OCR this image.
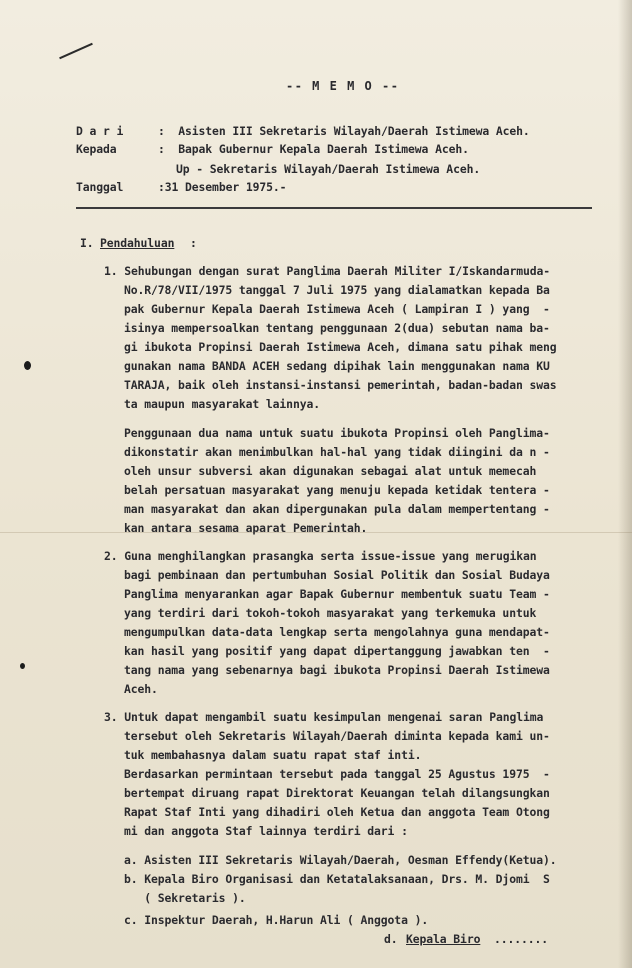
-- M E M O --
D a r i	:  Asisten III Sekretaris Wilayah/Daerah Istimewa Aceh.
Kepada	:  Bapak Gubernur Kepala Daerah Istimewa Aceh.
Up - Sekretaris Wilayah/Daerah Istimewa Aceh.
Tanggal	:31 Desember 1975.-
I. Pendahuluan :
1. Sehubungan dengan surat Panglima Daerah Militer I/Iskandarmuda-
No.R/78/VII/1975 tanggal 7 Juli 1975 yang dialamatkan kepada Ba
pak Gubernur Kepala Daerah Istimewa Aceh ( Lampiran I ) yang  -
isinya mempersoalkan tentang penggunaan 2(dua) sebutan nama ba-
gi ibukota Propinsi Daerah Istimewa Aceh, dimana satu pihak meng
gunakan nama BANDA ACEH sedang dipihak lain menggunakan nama KU
TARAJA, baik oleh instansi-instansi pemerintah, badan-badan swas
ta maupun masyarakat lainnya.
Penggunaan dua nama untuk suatu ibukota Propinsi oleh Panglima-
dikonstatir akan menimbulkan hal-hal yang tidak diingini da n -
oleh unsur subversi akan digunakan sebagai alat untuk memecah
belah persatuan masyarakat yang menuju kepada ketidak tentera -
man masyarakat dan akan dipergunakan pula dalam mempertentang -
kan antara sesama aparat Pemerintah.
2. Guna menghilangkan prasangka serta issue-issue yang merugikan
bagi pembinaan dan pertumbuhan Sosial Politik dan Sosial Budaya
Panglima menyarankan agar Bapak Gubernur membentuk suatu Team -
yang terdiri dari tokoh-tokoh masyarakat yang terkemuka untuk
mengumpulkan data-data lengkap serta mengolahnya guna mendapat-
kan hasil yang positif yang dapat dipertanggung jawabkan ten  -
tang nama yang sebenarnya bagi ibukota Propinsi Daerah Istimewa
Aceh.
3. Untuk dapat mengambil suatu kesimpulan mengenai saran Panglima
tersebut oleh Sekretaris Wilayah/Daerah diminta kepada kami un-
tuk membahasnya dalam suatu rapat staf inti.
Berdasarkan permintaan tersebut pada tanggal 25 Agustus 1975  -
bertempat diruang rapat Direktorat Keuangan telah dilangsungkan
Rapat Staf Inti yang dihadiri oleh Ketua dan anggota Team Otong
mi dan anggota Staf lainnya terdiri dari :
a. Asisten III Sekretaris Wilayah/Daerah, Oesman Effendy(Ketua).
b. Kepala Biro Organisasi dan Ketatalaksanaan, Drs. M. Djomi  S
( Sekretaris ).
c. Inspektur Daerah, H.Harun Ali ( Anggota ).
d. Kepala Biro ........
